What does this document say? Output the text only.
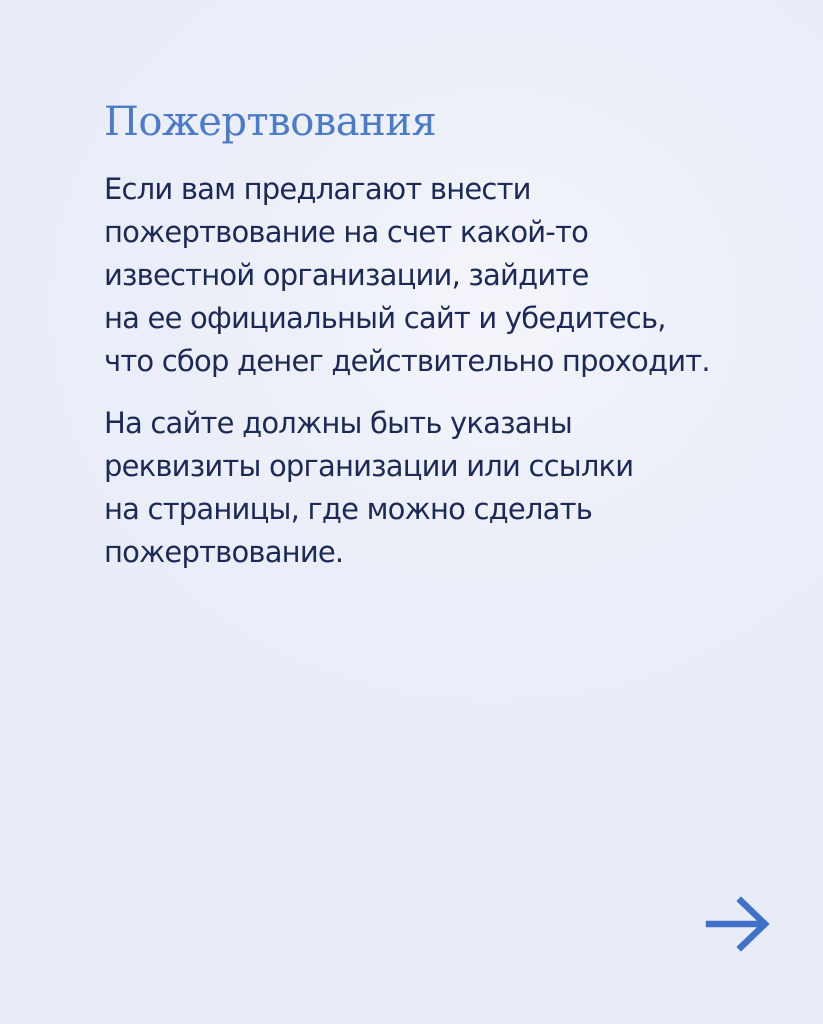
Пожертвования

Если вам предлагают внести
пожертвование на счет какой-то
известной организации, зайдите
на ее официальный сайт и убедитесь,
что сбор денег действительно проходит.

На сайте должны быть указаны
реквизиты организации или ссылки
на страницы, где можно сделать
пожертвование.
